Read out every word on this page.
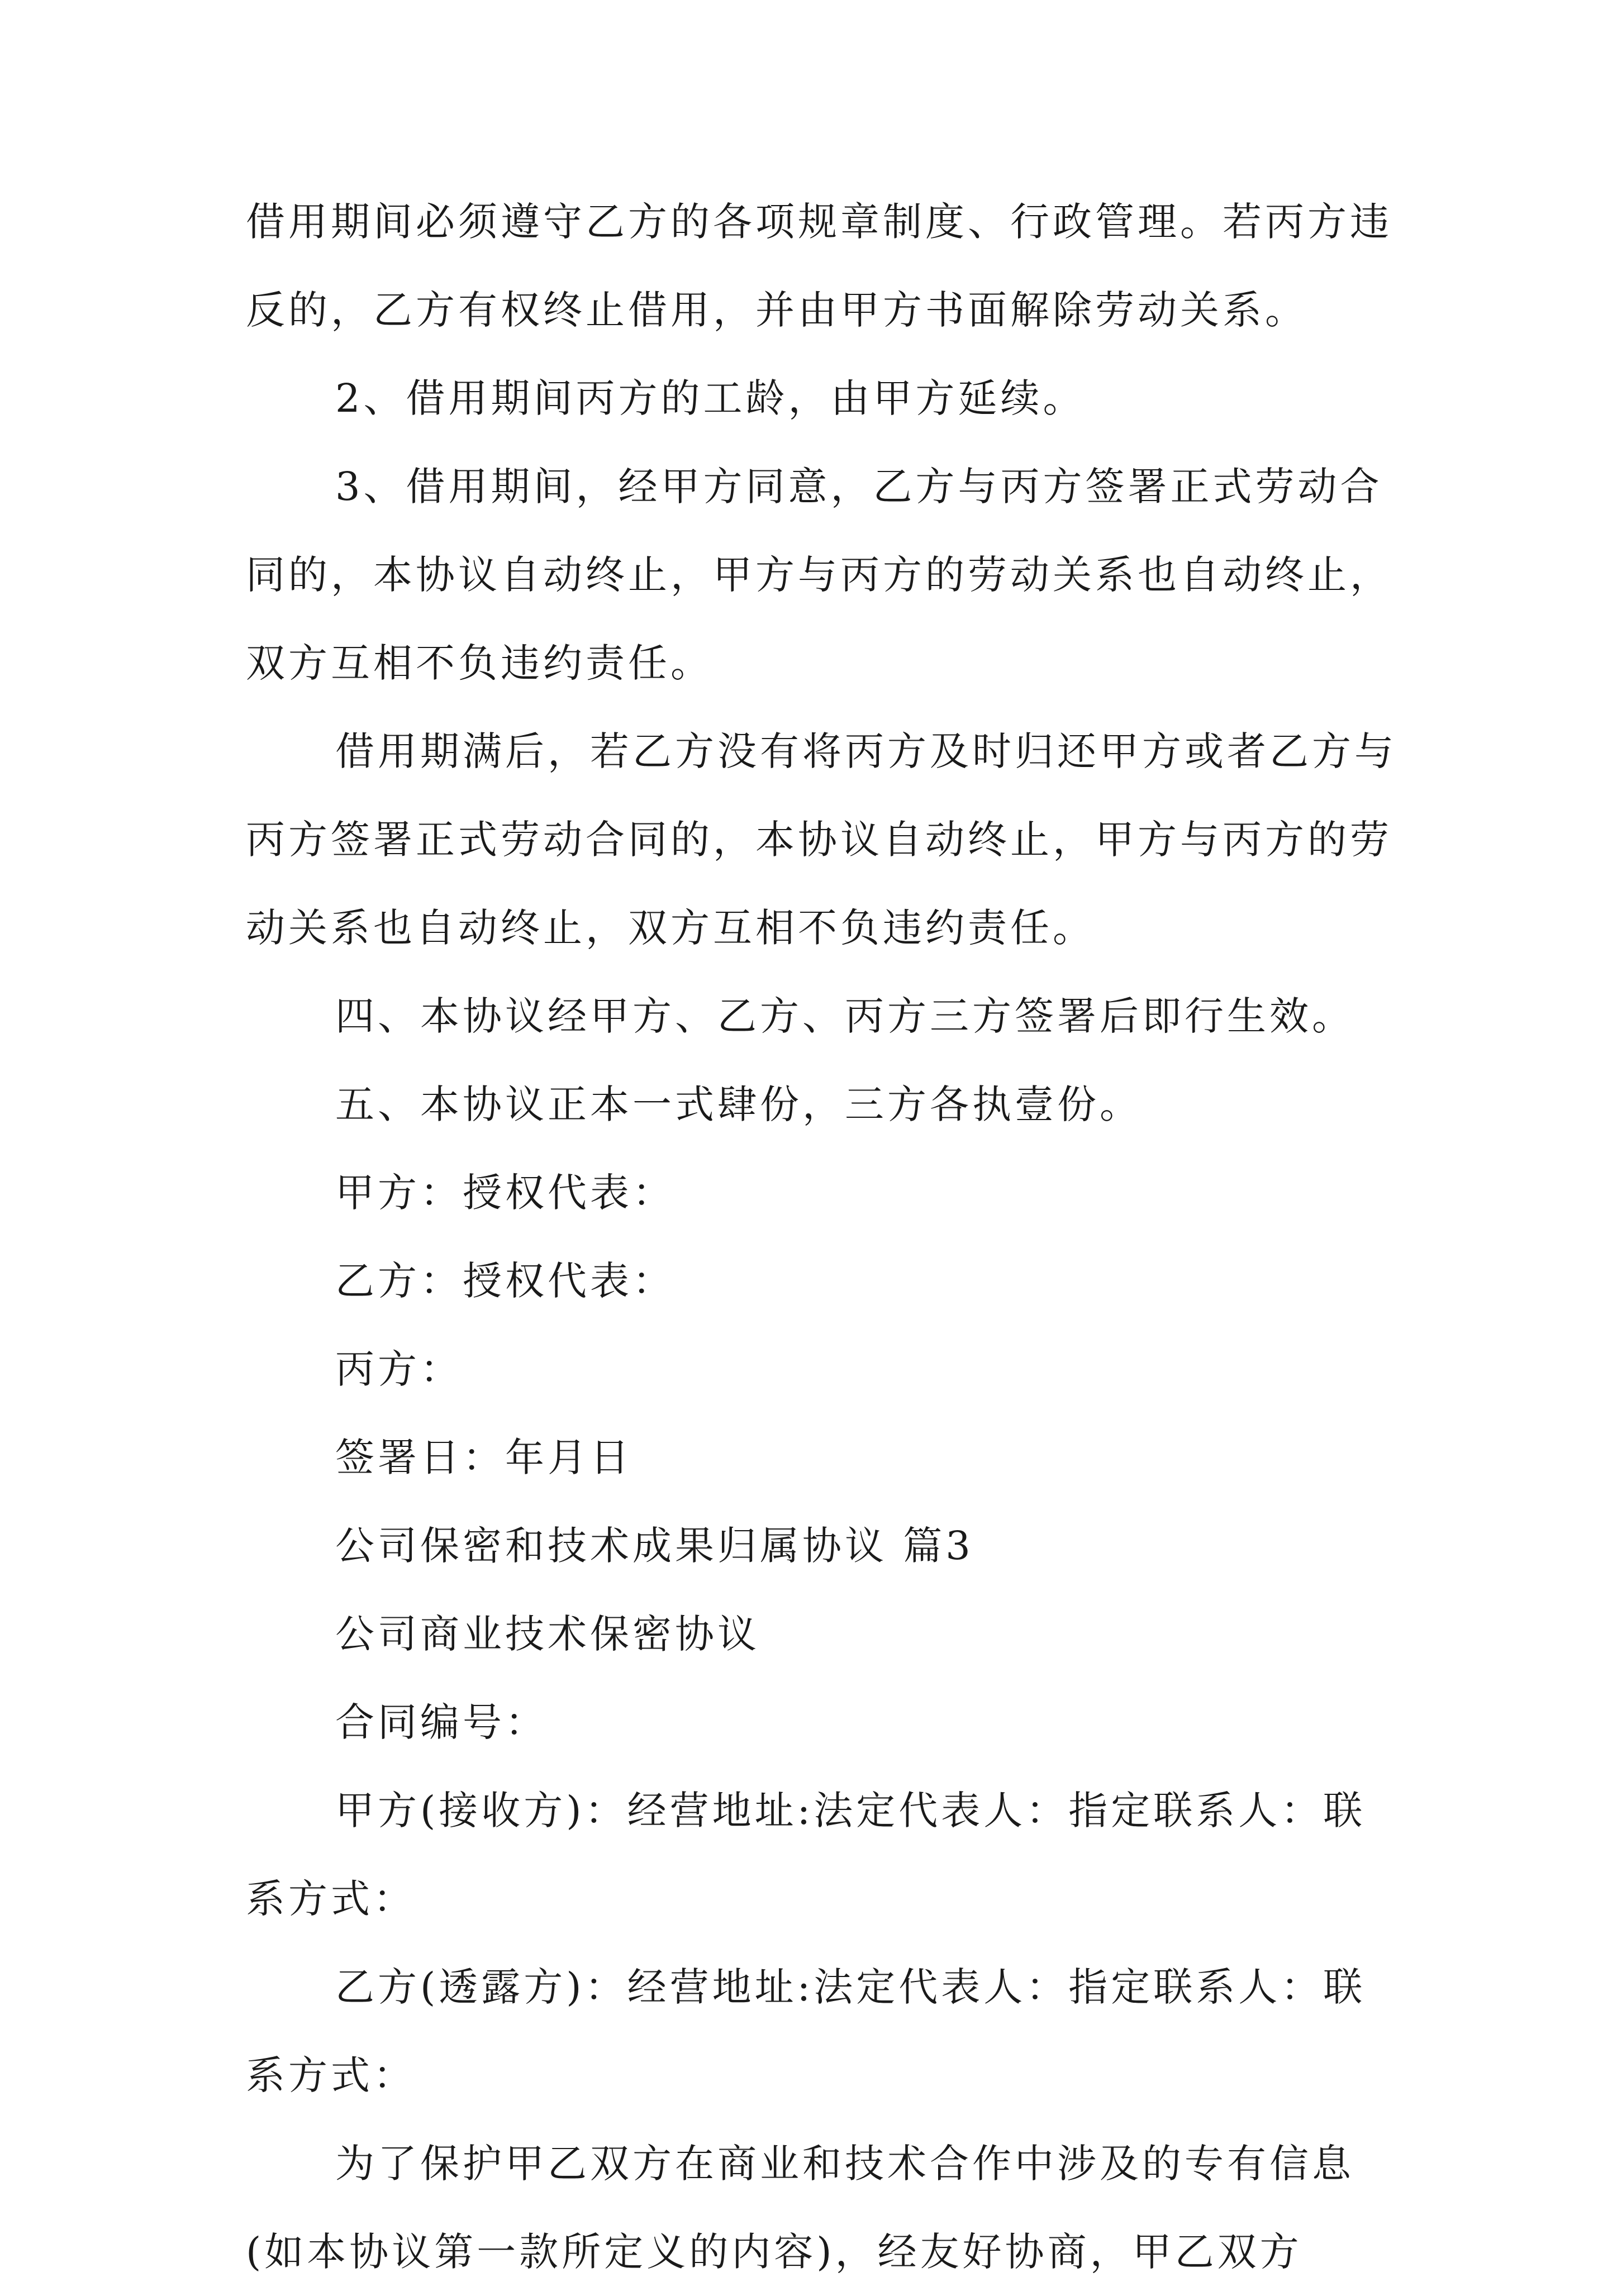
借用期间必须遵守乙方的各项规章制度、行政管理。若丙方违反的，乙方有权终止借用，并由甲方书面解除劳动关系。

2、借用期间丙方的工龄，由甲方延续。

3、借用期间，经甲方同意，乙方与丙方签署正式劳动合同的，本协议自动终止，甲方与丙方的劳动关系也自动终止，双方互相不负违约责任。

借用期满后，若乙方没有将丙方及时归还甲方或者乙方与丙方签署正式劳动合同的，本协议自动终止，甲方与丙方的劳动关系也自动终止，双方互相不负违约责任。

四、本协议经甲方、乙方、丙方三方签署后即行生效。

五、本协议正本一式肆份，三方各执壹份。

甲方：授权代表：

乙方：授权代表：

丙方：

签署日：年月日

公司保密和技术成果归属协议 篇3

公司商业技术保密协议

合同编号：

甲方(接收方)：经营地址:法定代表人：指定联系人：联系方式：

乙方(透露方)：经营地址:法定代表人：指定联系人：联系方式：

为了保护甲乙双方在商业和技术合作中涉及的专有信息(如本协议第一款所定义的内容)，经友好协商，甲乙双方
